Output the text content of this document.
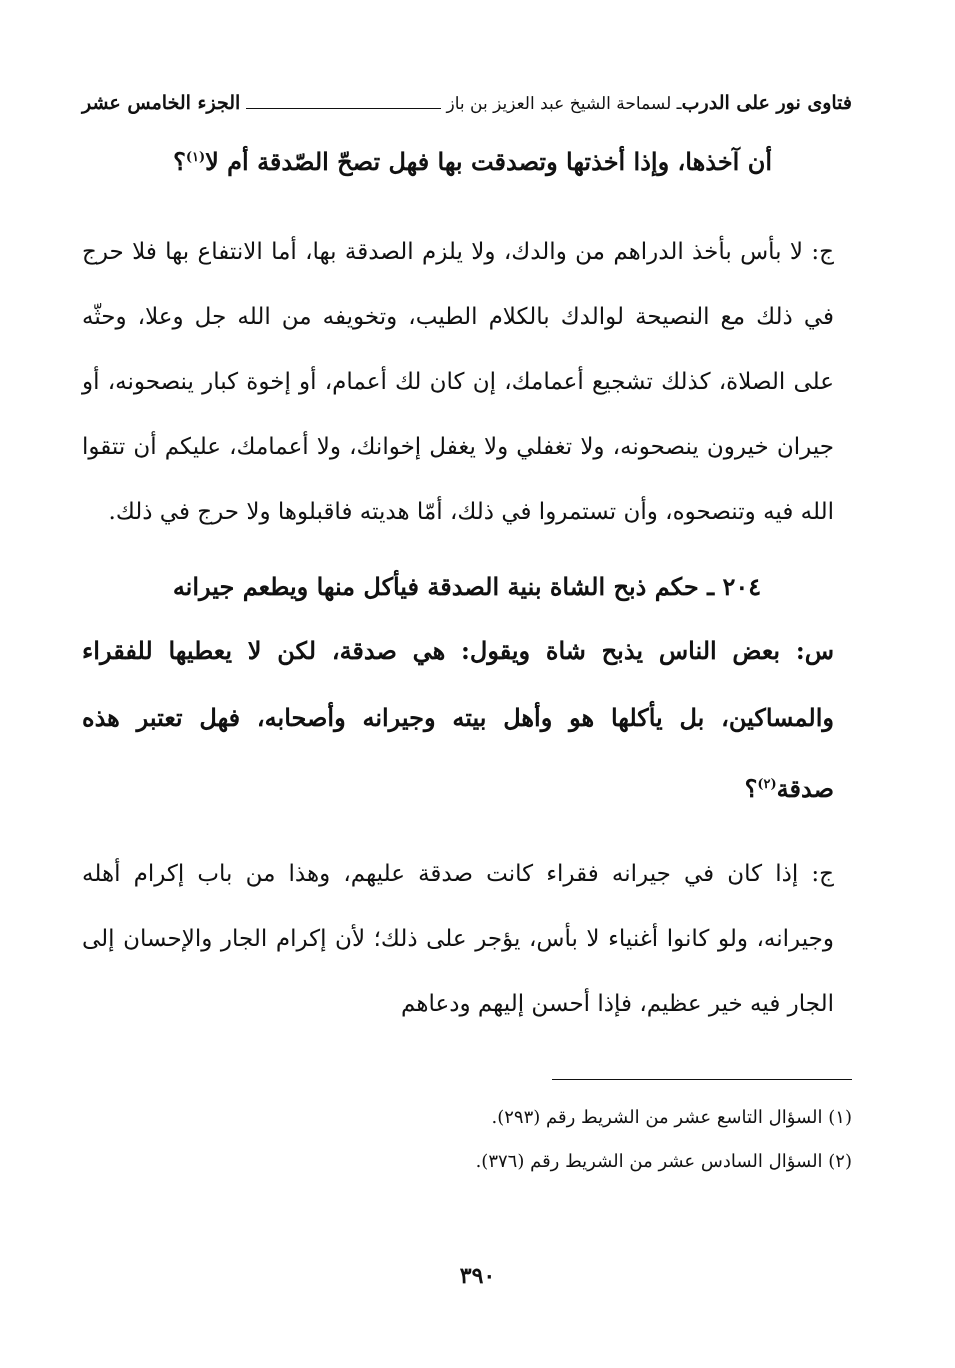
فتاوى نور على الدرب
ـ لسماحة الشيخ عبد العزيز بن باز
الجزء الخامس عشر
أن آخذها، وإذا أخذتها وتصدقت بها فهل تصحّ الصّدقة أم لا$^{(١)}$؟

ج: لا بأس بأخذ الدراهم من والدك، ولا يلزم الصدقة بها، أما الانتفاع بها فلا حرج في ذلك مع النصيحة لوالدك بالكلام الطيب، وتخويفه من الله جل وعلا، وحثّه على الصلاة، كذلك تشجيع أعمامك، إن كان لك أعمام، أو إخوة كبار ينصحونه، أو جيران خيرون ينصحونه، ولا تغفلي ولا يغفل إخوانك، ولا أعمامك، عليكم أن تتقوا الله فيه وتنصحوه، وأن تستمروا في ذلك، أمّا هديته فاقبلوها ولا حرج في ذلك.

٢٠٤ ـ حكم ذبح الشاة بنية الصدقة فيأكل منها ويطعم جيرانه
س: بعض الناس يذبح شاة ويقول: هي صدقة، لكن لا يعطيها للفقراء والمساكين، بل يأكلها هو وأهل بيته وجيرانه وأصحابه، فهل تعتبر هذه صدقة$^{(٢)}$؟

ج: إذا كان في جيرانه فقراء كانت صدقة عليهم، وهذا من باب إكرام أهله وجيرانه، ولو كانوا أغنياء لا بأس، يؤجر على ذلك؛ لأن إكرام الجار والإحسان إلى الجار فيه خير عظيم، فإذا أحسن إليهم ودعاهم

(١) السؤال التاسع عشر من الشريط رقم (٢٩٣).
(٢) السؤال السادس عشر من الشريط رقم (٣٧٦).
٣٩٠
